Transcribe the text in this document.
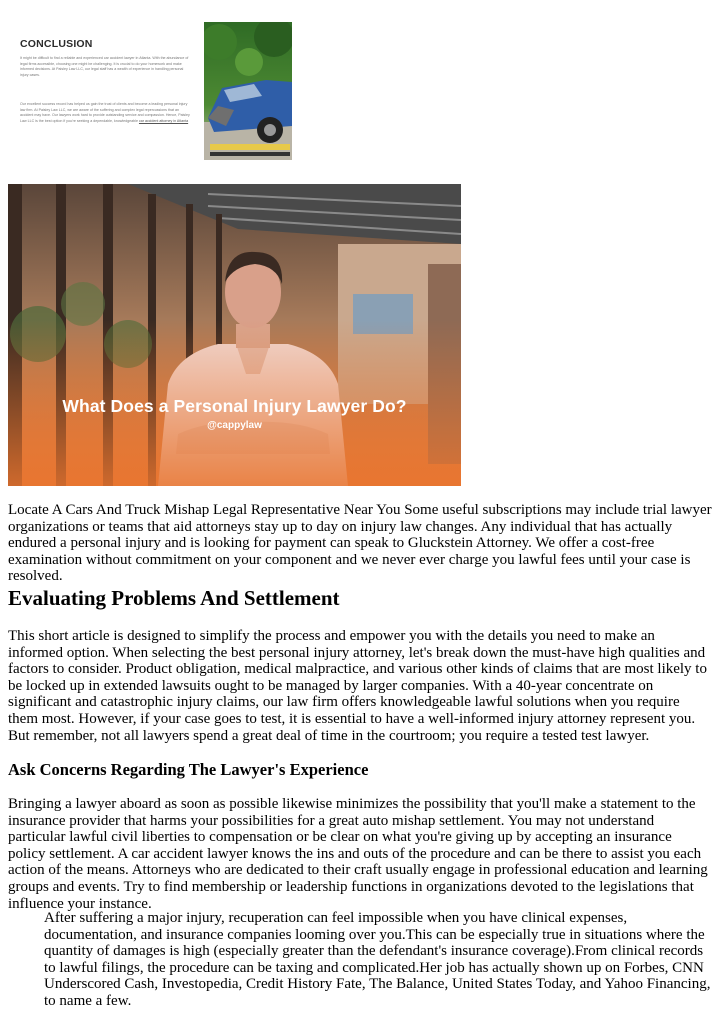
CONCLUSION
It might be difficult to find a reliable and experienced car accident lawyer in Atlanta. With the abundance of legal firms accessible, choosing one might be challenging. It is crucial to do your homework and make informed decisions. At Paisley Law LLC, our legal staff has a wealth of experience in handling personal injury cases.
Our excellent success record has helped us gain the trust of clients and become a leading personal injury law firm. At Paisley Law LLC, we are aware of the suffering and complex legal repercussions that an accident may have. Our lawyers work hard to provide outstanding service and compassion. Hence, Paisley Law LLC is the best option if you're seeking a dependable, knowledgeable car accident attorney in Atlanta
What Does a Personal Injury Lawyer Do?
@cappylaw

Locate A Cars And Truck Mishap Legal Representative Near You Some useful subscriptions may include trial lawyer organizations or teams that aid attorneys stay up to day on injury law changes. Any individual that has actually endured a personal injury and is looking for payment can speak to Gluckstein Attorney. We offer a cost-free examination without commitment on your component and we never ever charge you lawful fees until your case is resolved.

Evaluating Problems And Settlement

This short article is designed to simplify the process and empower you with the details you need to make an informed option. When selecting the best personal injury attorney, let's break down the must-have high qualities and factors to consider. Product obligation, medical malpractice, and various other kinds of claims that are most likely to be locked up in extended lawsuits ought to be managed by larger companies. With a 40-year concentrate on significant and catastrophic injury claims, our law firm offers knowledgeable lawful solutions when you require them most. However, if your case goes to test, it is essential to have a well-informed injury attorney represent you. But remember, not all lawyers spend a great deal of time in the courtroom; you require a tested test lawyer.

Ask Concerns Regarding The Lawyer's Experience

Bringing a lawyer aboard as soon as possible likewise minimizes the possibility that you'll make a statement to the insurance provider that harms your possibilities for a great auto mishap settlement. You may not understand particular lawful civil liberties to compensation or be clear on what you're giving up by accepting an insurance policy settlement. A car accident lawyer knows the ins and outs of the procedure and can be there to assist you each action of the means. Attorneys who are dedicated to their craft usually engage in professional education and learning groups and events. Try to find membership or leadership functions in organizations devoted to the legislations that influence your instance.

After suffering a major injury, recuperation can feel impossible when you have clinical expenses, documentation, and insurance companies looming over you.This can be especially true in situations where the quantity of damages is high (especially greater than the defendant's insurance coverage).From clinical records to lawful filings, the procedure can be taxing and complicated.Her job has actually shown up on Forbes, CNN Underscored Cash, Investopedia, Credit History Fate, The Balance, United States Today, and Yahoo Financing, to name a few.
